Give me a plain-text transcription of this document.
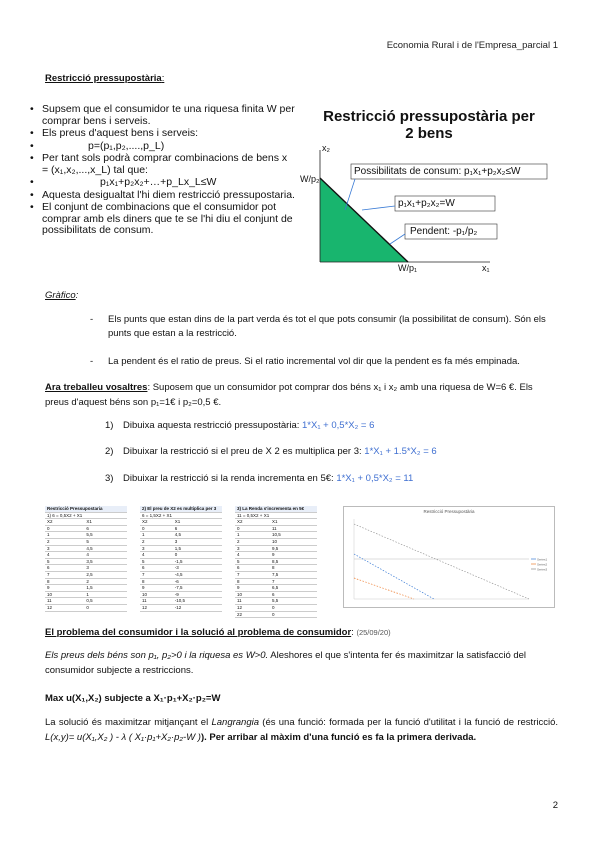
Economia Rural i de l'Empresa_parcial 1
Restricció pressupostària:
• Supsem que el consumidor te una riquesa finita W per comprar bens i serveis.
• Els preus d'aquest bens i serveis:
• p=(p₁,p₂,....,p_L)
• Per tant sols podrà comprar combinacions de bens x = (x₁,x₂,...,x_L) tal que:
• p₁x₁+p₂x₂+…+p_Lx_L≤W
• Aquesta desigualtat l'hi diem restricció pressupostaria.
• El conjunt de combinacions que el consumidor pot comprar amb els diners que te se l'hi diu el conjunt de possibilitats de consum.
Restricció pressupostària per 2 bens
x₂
W/p₂
Possibilitats de consum: p₁x₁+p₂x₂≤W
p₁x₁+p₂x₂=W
Pendent: -p₁/p₂
W/p₁	x₁
Gràfico:
- Els punts que estan dins de la part verda és tot el que pots consumir (la possibilitat de consum). Són els punts que estan a la restricció.
- La pendent és el ratio de preus. Si el ratio incremental vol dir que la pendent es fa més empinada.
Ara treballeu vosaltres: Suposem que un consumidor pot comprar dos béns x₁ i x₂ amb una riquesa de W=6 €. Els preus d'aquest béns son p₁=1€ i p₂=0,5 €.
1) Dibuixa aquesta restricció pressupostària: 1*X₁ + 0,5*X₂ = 6
2) Dibuixar la restricció si el preu de X 2 es multiplica per 3: 1*X₁ + 1.5*X₂ = 6
3) Dibuixar la restricció si la renda incrementa en 5€: 1*X₁ + 0,5*X₂ = 11
Restricció Pressupostaria	
1) 6 = 0,5X2 + X1	
X2	X1
0	6
1	5,5
2	5
3	4,5
4	4
5	3,5
6	3
7	2,5
8	2
9	1,5
10	1
11	0,5
12	0
2) El preu de X2 es multiplica per 3	
6 = 1,5X2 + X1	
X2	X1
0	6
1	4,5
2	3
3	1,5
4	0
5	-1,5
6	-3
7	-4,5
8	-6
9	-7,5
10	-9
11	-10,5
12	-12
3) La Renda s'incrementa en 5€	
11 = 0,5X2 + X1	
X2	X1
0	11
1	10,5
2	10
3	9,5
4	9
5	8,5
6	8
7	7,5
8	7
9	6,5
10	6
11	5,5
12	0
22	0
Restricció Pressupostària
Series1
Series2
Series3
El problema del consumidor i la solució al problema de consumidor: (25/09/20)
Els preus dels béns son p₁, p₂>0 i la riquesa es W>0. Aleshores el que s'intenta fer és maximitzar la satisfacció del consumidor subjecte a restriccions.
Max u(X₁,X₂) subjecte a X₁·p₁+X₂·p₂=W
La solució és maximitzar mitjançant el Langrangia (és una funció: formada per la funció d'utilitat i la funció de restricció. L(x,y)= u(X₁,X₂ ) - λ ( X₁·p₁+X₂·p₂-W )). Per arribar al màxim d'una funció es fa la primera derivada.
2
